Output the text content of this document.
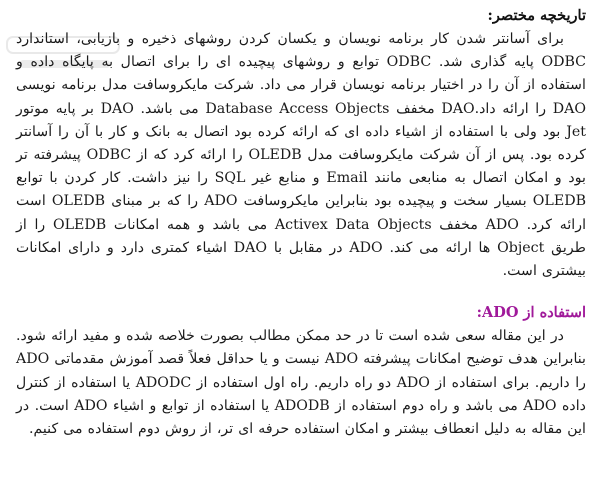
تاریخچه مختصر:

برای آسانتر شدن کار برنامه نویسان و یکسان کردن روشهای ذخیره و بازیابی، استاندارد ODBC پایه گذاری شد. ODBC توابع و روشهای پیچیده ای را برای اتصال به پایگاه داده و استفاده از آن را در اختیار برنامه نویسان قرار می داد. شرکت مایکروسافت مدل برنامه نویسی DAO را ارائه داد.DAO مخفف Database Access Objects می باشد. DAO بر پایه موتور Jet بود ولی با استفاده از اشیاء داده ای که ارائه کرده بود اتصال به بانک و کار با آن را آسانتر کرده بود. پس از آن شرکت مایکروسافت مدل OLEDB را ارائه کرد که از ODBC پیشرفته تر بود و امکان اتصال به منابعی مانند Email و منابع غیر SQL را نیز داشت. کار کردن با توابع OLEDB بسیار سخت و پیچیده بود بنابراین مایکروسافت ADO را که بر مبنای OLEDB است ارائه کرد. ADO مخفف Activex Data Objects می باشد و همه امکانات OLEDB را از طریق Object ها ارائه می کند. ADO در مقابل با DAO اشیاء کمتری دارد و دارای امکانات بیشتری است.

استفاده از ADO:

در این مقاله سعی شده است تا در حد ممکن مطالب بصورت خلاصه شده و مفید ارائه شود. بنابراین هدف توضیح امکانات پیشرفته ADO نیست و یا حداقل فعلاً قصد آموزش مقدماتی ADO را داریم. برای استفاده از ADO دو راه داریم. راه اول استفاده از ADODC یا استفاده از کنترل داده ADO می باشد و راه دوم استفاده از ADODB یا استفاده از توابع و اشیاء ADO است. در این مقاله به دلیل انعطاف بیشتر و امکان استفاده حرفه ای تر، از روش دوم استفاده می کنیم.
